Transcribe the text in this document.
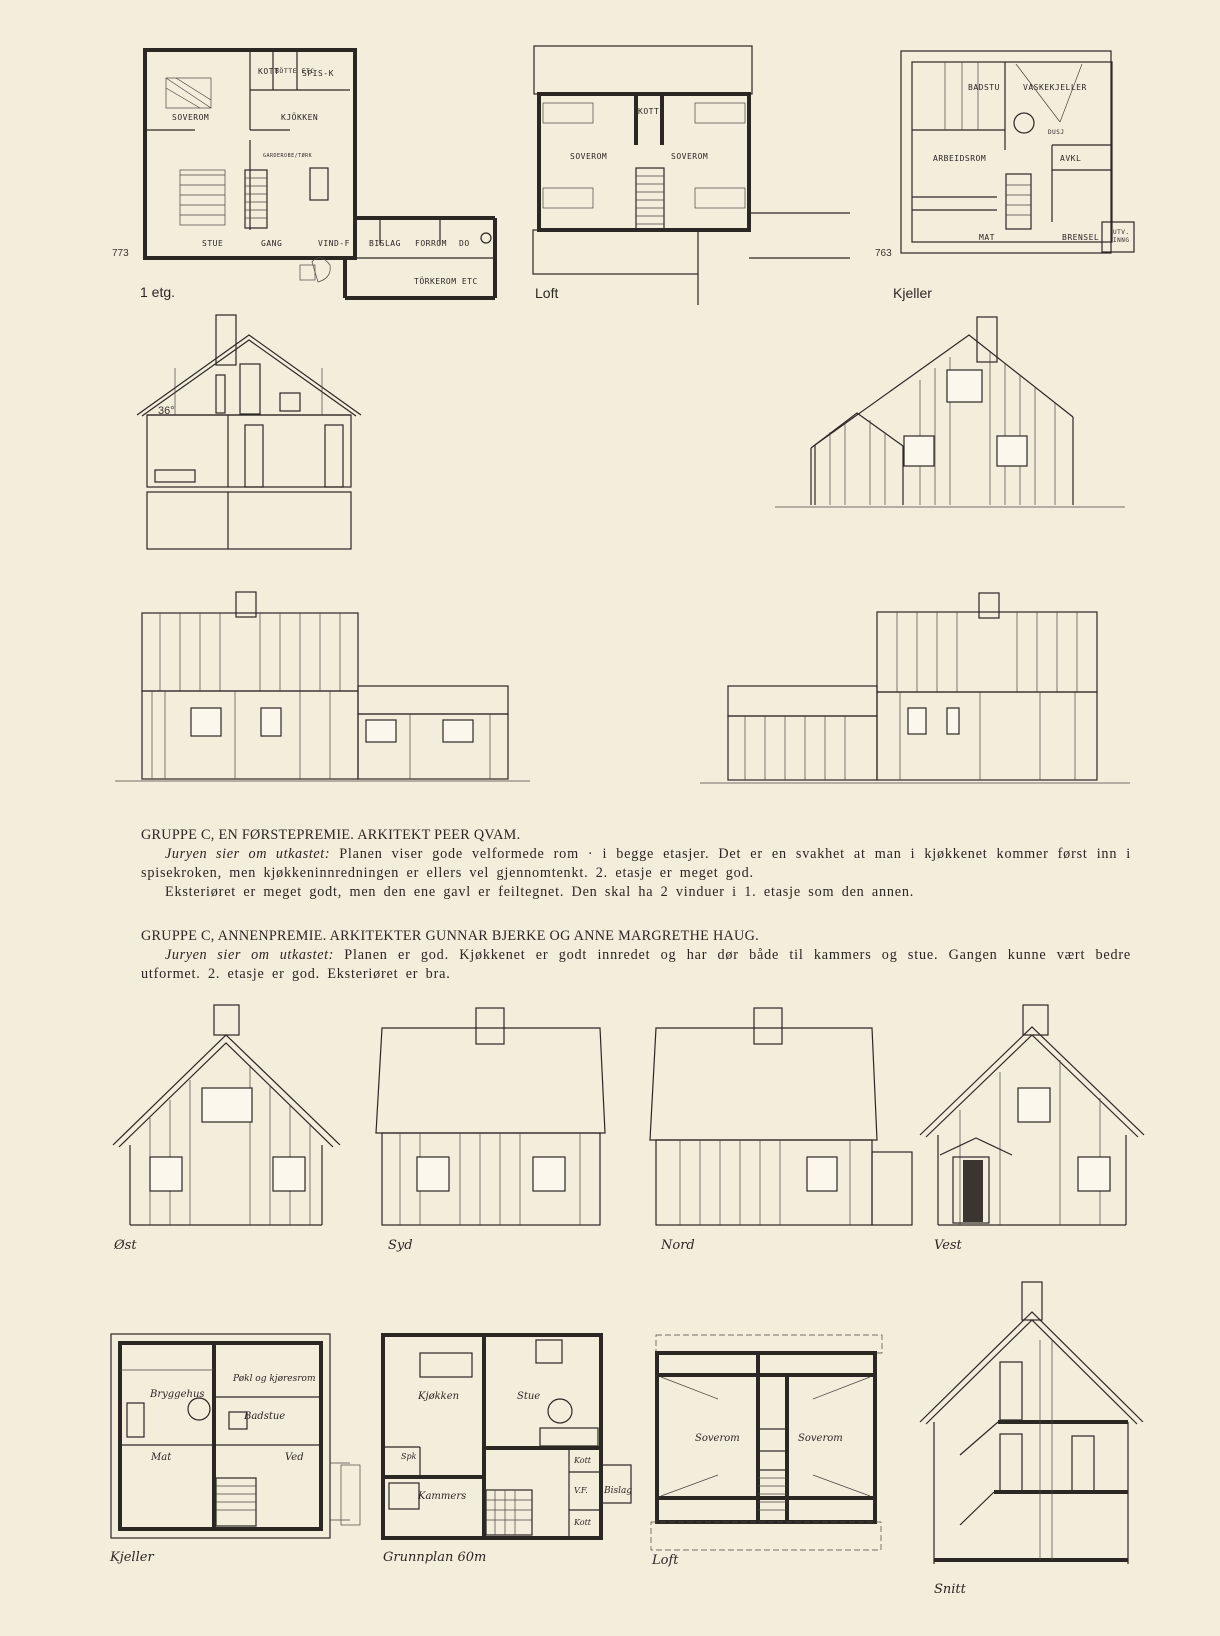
KOTT
BÖTTE ETC
SPIS-K
SOVEROM	KJÖKKEN
GARDEROBE/TØRK
STUE	GANG	VIND-F BISLAG FORROM DO
TÖRKEROM ETC
773
1 etg.
KOTT
SOVEROM	SOVEROM
Loft
BADSTU	VASKEKJELLER
DUSJ
ARBEIDSROM	AVKL
MAT	BRENSEL
UTV. INNG
763
Kjeller
36°

GRUPPE C, EN FØRSTEPREMIE. ARKITEKT PEER QVAM.

Juryen sier om utkastet: Planen viser gode velformede rom · i begge etasjer. Det er en svakhet at man i kjøkkenet kommer først inn i spisekroken, men kjøkkeninnredningen er ellers vel gjennomtenkt. 2. etasje er meget god.

Eksteriøret er meget godt, men den ene gavl er feiltegnet. Den skal ha 2 vinduer i 1. etasje som den annen.

GRUPPE C, ANNENPREMIE. ARKITEKTER GUNNAR BJERKE OG ANNE MARGRETHE HAUG.

Juryen sier om utkastet: Planen er god. Kjøkkenet er godt innredet og har dør både til kammers og stue. Gangen kunne vært bedre utformet. 2. etasje er god. Eksteriøret er bra.

Øst	Syd	Nord	Vest
Bryggehus
Pøkl og kjøresrom
Badstue
Mat	Ved
Kjeller
Kjøkken	Stue
Spk
Kammers
Kott
V.F.
Kott
Bislag
Grunnplan 60m
Soverom	Soverom
Loft
Snitt
